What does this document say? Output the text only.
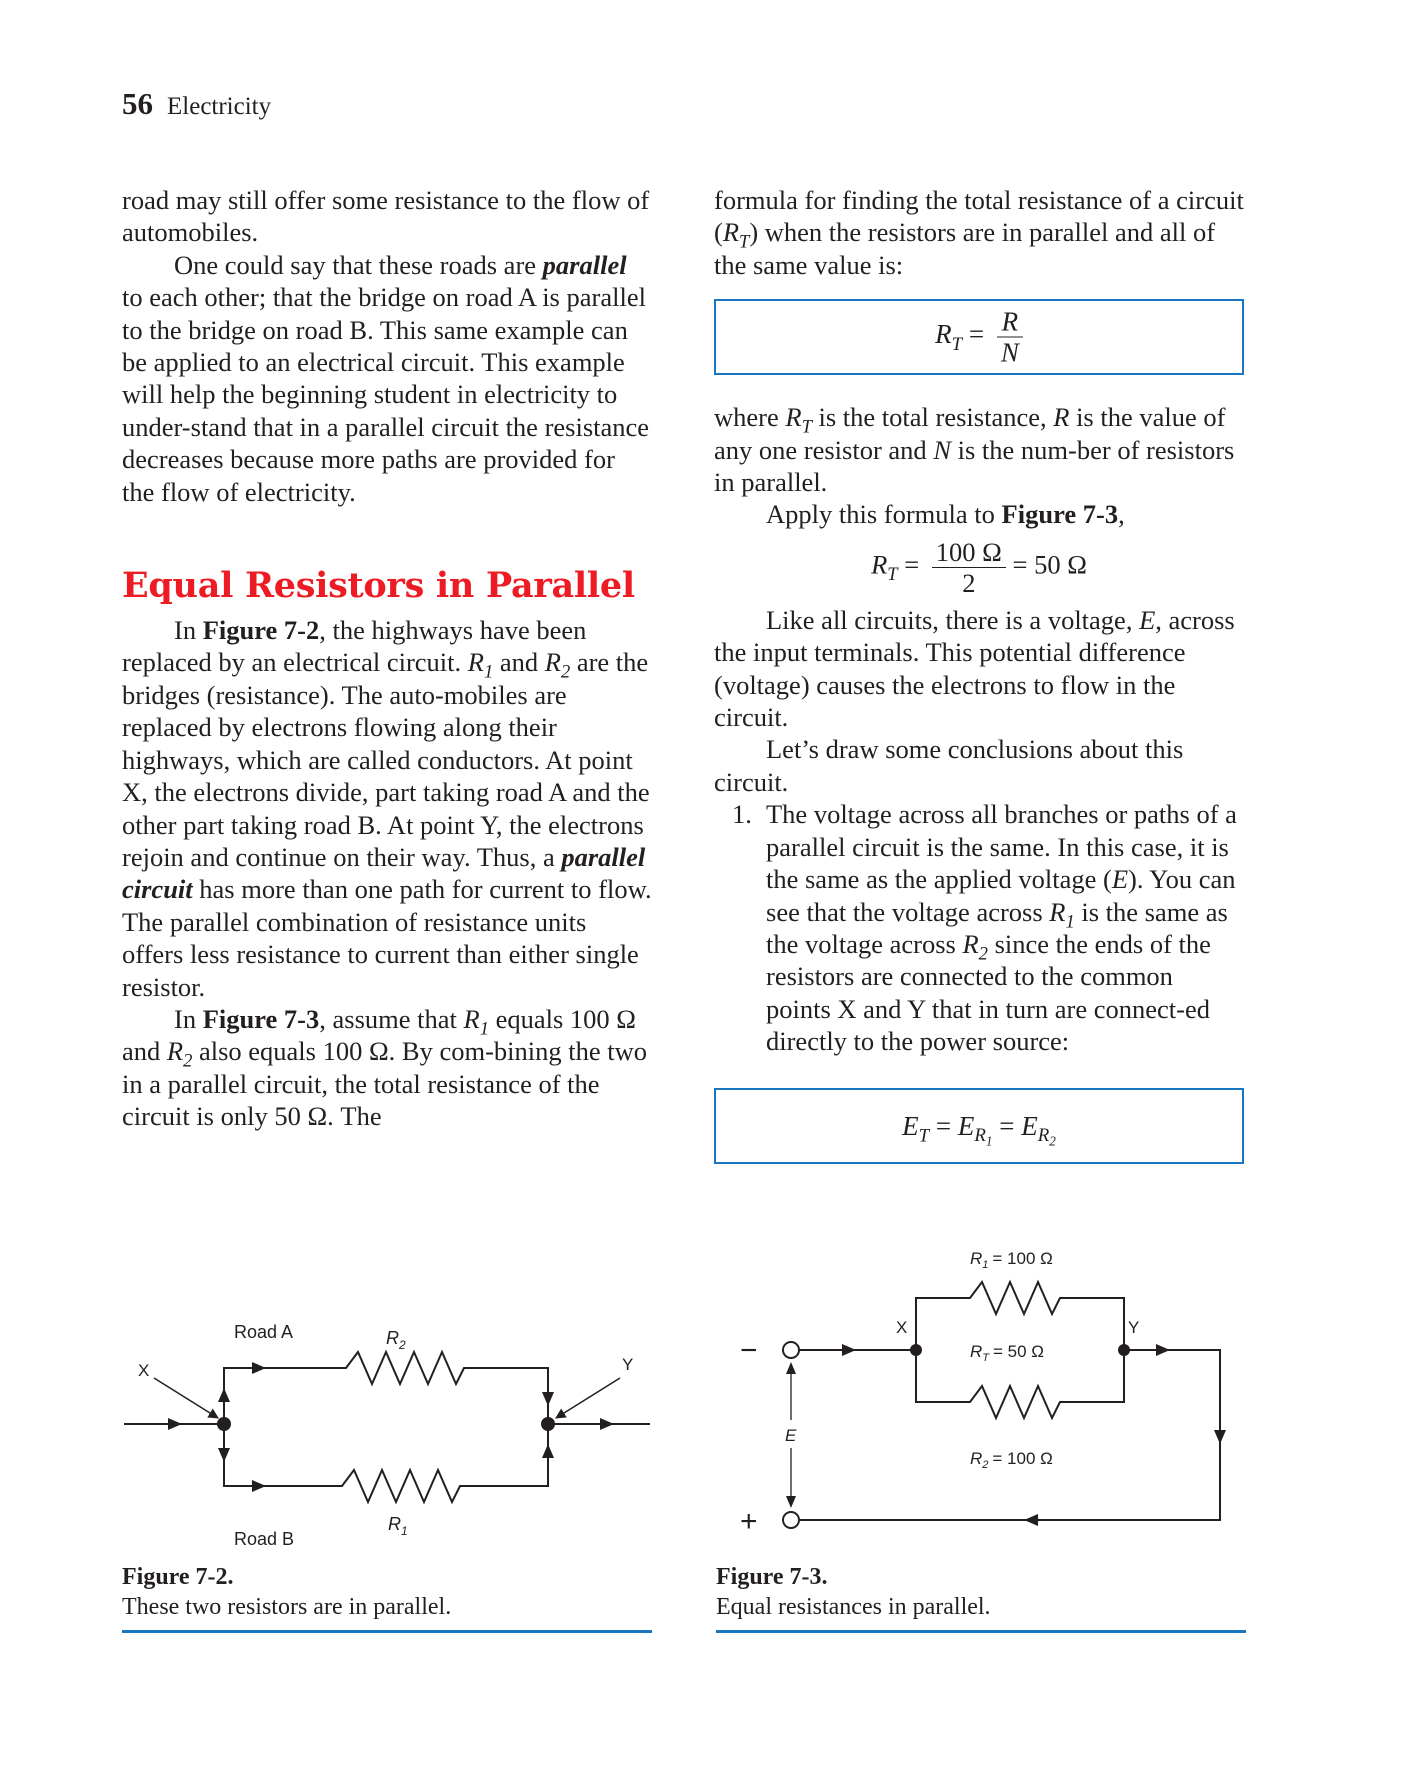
56 Electricity

road may still offer some resistance to the flow of automobiles.

One could say that these roads are parallel to each other; that the bridge on road A is parallel to the bridge on road B. This same example can be applied to an electrical circuit. This example will help the beginning student in electricity to under-stand that in a parallel circuit the resistance decreases because more paths are provided for the flow of electricity.

Equal Resistors in Parallel

In Figure 7-2, the highways have been replaced by an electrical circuit. $R_1$ and $R_2$ are the bridges (resistance). The auto-mobiles are replaced by electrons flowing along their highways, which are called conductors. At point X, the electrons divide, part taking road A and the other part taking road B. At point Y, the electrons rejoin and continue on their way. Thus, a parallel circuit has more than one path for current to flow. The parallel combination of resistance units offers less resistance to current than either single resistor.

In Figure 7-3, assume that $R_1$ equals 100 Ω and $R_2$ also equals 100 Ω. By com-bining the two in a parallel circuit, the total resistance of the circuit is only 50 Ω. The

formula for finding the total resistance of a circuit $(R_T)$ when the resistors are in parallel and all of the same value is:

$R_T = \frac{R}{N}$

where $R_T$ is the total resistance, R is the value of any one resistor and N is the num-ber of resistors in parallel.

Apply this formula to Figure 7-3,

$R_T = \frac{100 \Omega}{2} = 50$ Ω

Like all circuits, there is a voltage, E, across the input terminals. This potential difference (voltage) causes the electrons to flow in the circuit.

Let’s draw some conclusions about this circuit.

1. The voltage across all branches or paths of a parallel circuit is the same. In this case, it is the same as the applied voltage (E). You can see that the voltage across $R_1$ is the same as the voltage across $R_2$ since the ends of the resistors are connected to the common points X and Y that in turn are connect-ed directly to the power source:

$E_T = E_{R_1} = E_{R_2}$
X	Y
Road A
Road B
$R_2$
$R_1$
Figure 7-2.
These two resistors are in parallel.
E
−
+
X	Y
$R_1 = 100$ Ω
$R_T = 50$ Ω
$R_2 = 100$ Ω
Figure 7-3.
Equal resistances in parallel.
